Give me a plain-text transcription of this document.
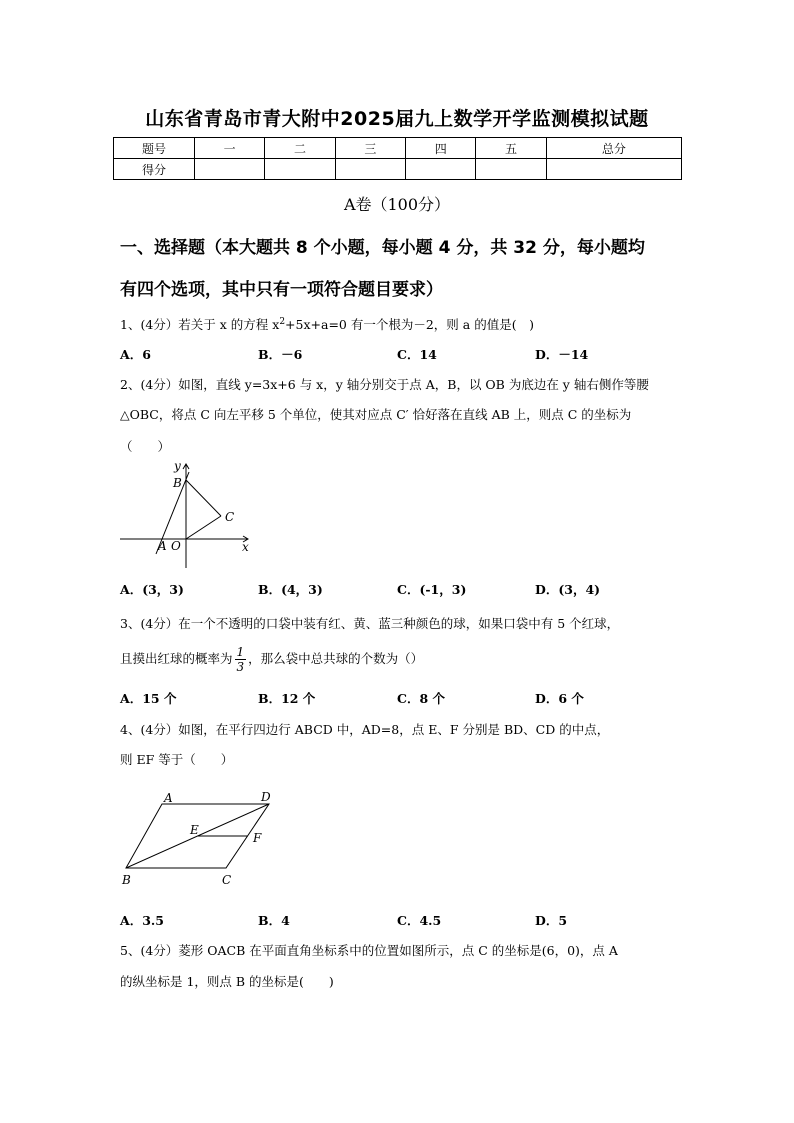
山东省青岛市青大附中2025届九上数学开学监测模拟试题
题号	一	二	三	四	五	总分
得分						
A卷（100分）
一、选择题（本大题共 8 个小题，每小题 4 分，共 32 分，每小题均
有四个选项，其中只有一项符合题目要求）
1、(4分）若关于 x 的方程 $x^2+5x+a=0$ 有一个根为－2，则 a 的值是(　)
A．6	B．－6	C．14	D．－14
2、(4分）如图，直线 y=3x+6 与 x，y 轴分别交于点 A，B，以 OB 为底边在 y 轴右侧作等腰
△OBC，将点 C 向左平移 5 个单位，使其对应点 C′ 恰好落在直线 AB 上，则点 C 的坐标为
（　　）
y
B
C
A O	x
A．(3，3)	B．(4，3)	C．(-1，3)	D．(3，4)
3、(4分）在一个不透明的口袋中装有红、黄、蓝三种颜色的球，如果口袋中有 5 个红球，
且摸出红球的概率为 $\frac{1}{3}$ ，那么袋中总共球的个数为（）
A．15 个	B．12 个	C．8 个	D．6 个
4、(4分）如图，在平行四边行 ABCD 中，AD=8，点 E、F 分别是 BD、CD 的中点，
则 EF 等于（　　）
A	D
E
F
B	C
A．3.5	B．4	C．4.5	D．5
5、(4分）菱形 OACB 在平面直角坐标系中的位置如图所示，点 C 的坐标是(6，0)，点 A
的纵坐标是 1，则点 B 的坐标是(　　)
